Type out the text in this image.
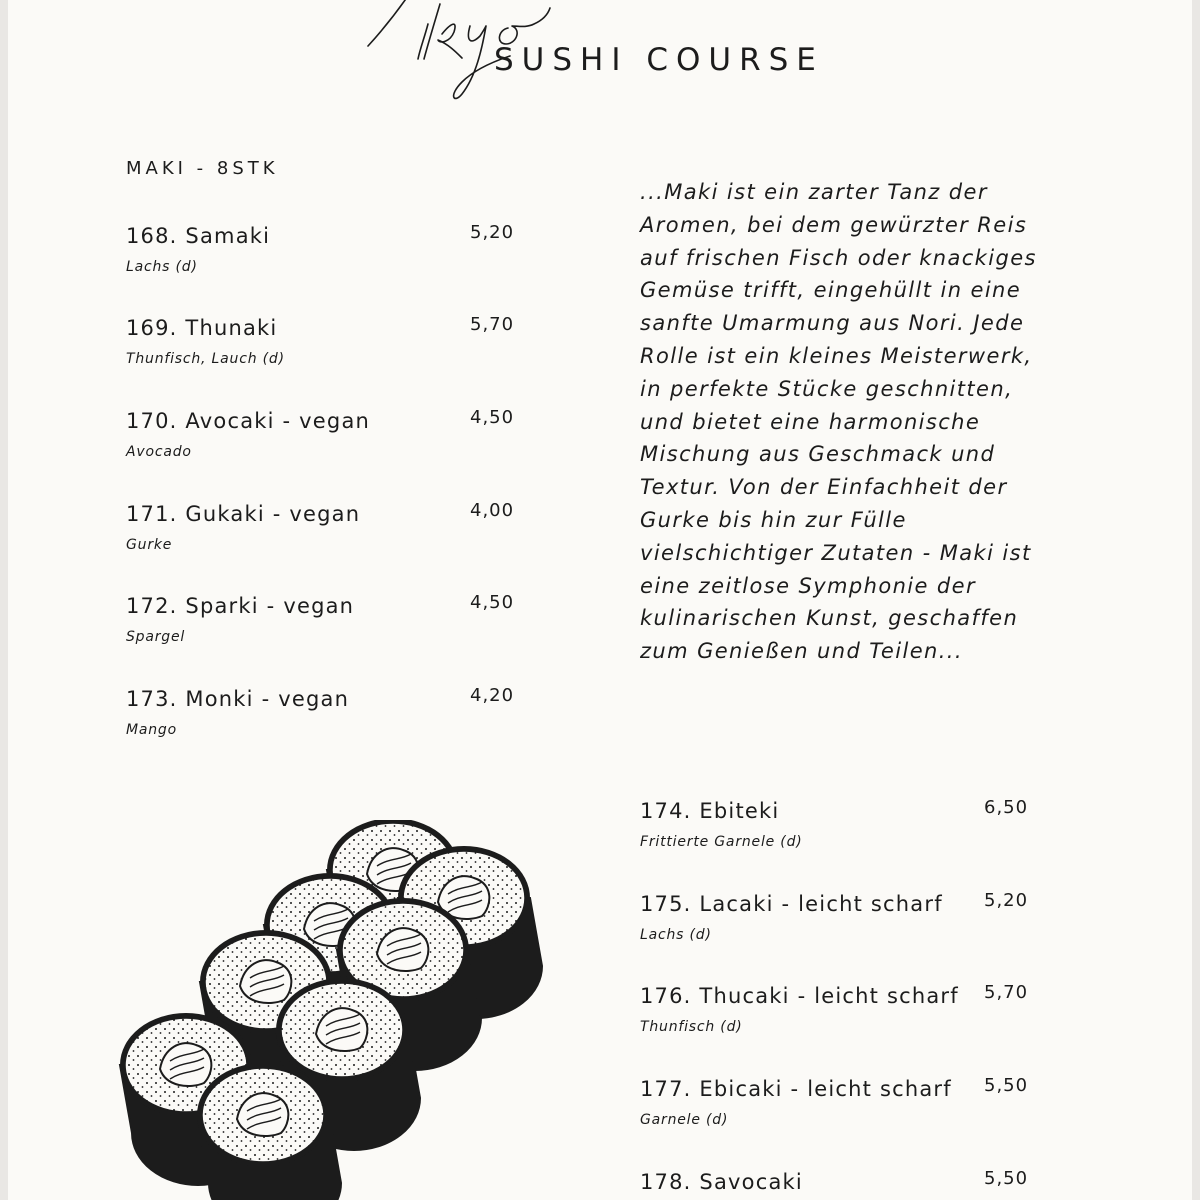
SUSHI COURSE
MAKI - 8STK
168. Samaki
Lachs (d)
5,20
169. Thunaki
Thunfisch, Lauch (d)
5,70
170. Avocaki - vegan
Avocado
4,50
171. Gukaki - vegan
Gurke
4,00
172. Sparki - vegan
Spargel
4,50
173. Monki - vegan
Mango
4,20

...Maki ist ein zarter Tanz der Aromen, bei dem gewürzter Reis auf frischen Fisch oder knackiges Gemüse trifft, eingehüllt in eine sanfte Umarmung aus Nori. Jede Rolle ist ein kleines Meisterwerk, in perfekte Stücke geschnitten, und bietet eine harmonische Mischung aus Geschmack und Textur. Von der Einfachheit der Gurke bis hin zur Fülle vielschichtiger Zutaten - Maki ist eine zeitlose Symphonie der kulinarischen Kunst, geschaffen zum Genießen und Teilen...

174. Ebiteki
Frittierte Garnele (d)
6,50
175. Lacaki - leicht scharf
Lachs (d)
5,20
176. Thucaki - leicht scharf
Thunfisch (d)
5,70
177. Ebicaki - leicht scharf
Garnele (d)
5,50
178. Savocaki	5,50
